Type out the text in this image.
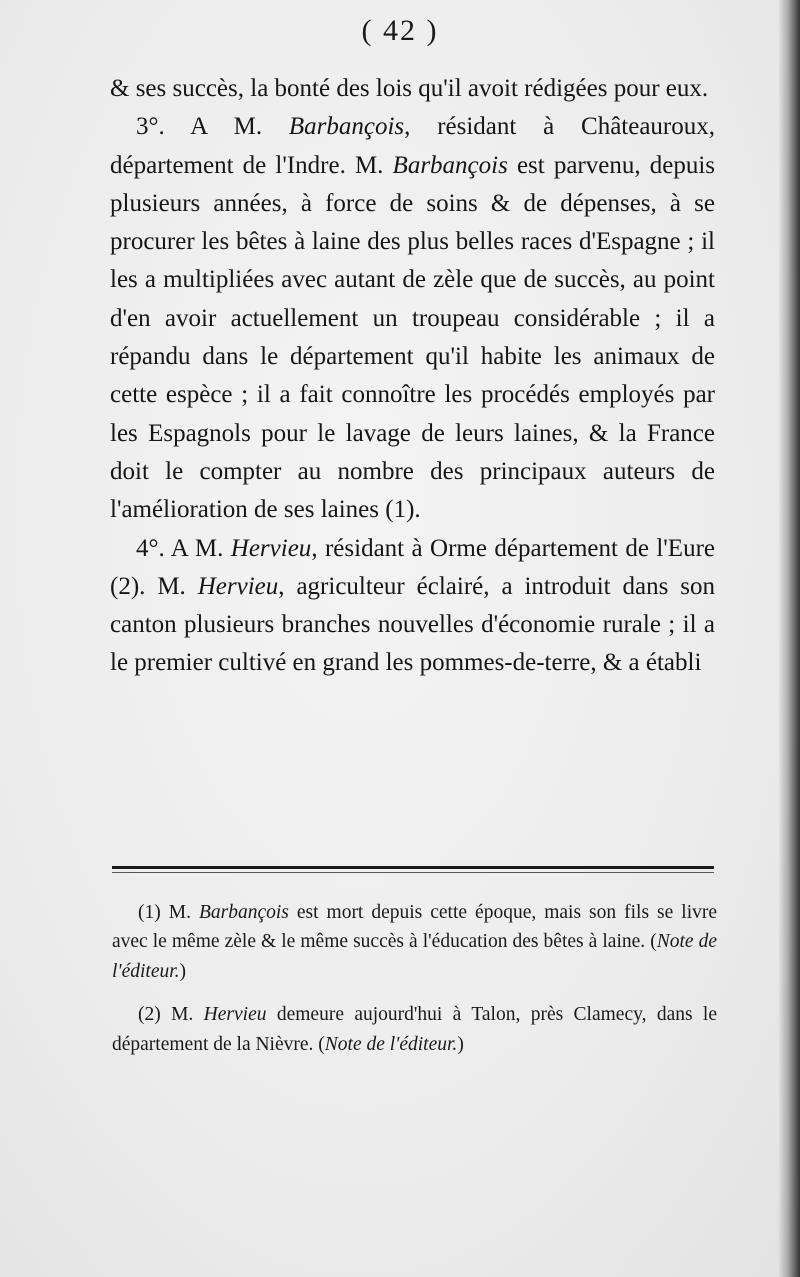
( 42 )

& ses succès, la bonté des lois qu'il avoit rédigées pour eux.

3°. A M. Barbançois, résidant à Châteauroux, département de l'Indre. M. Barbançois est parvenu, depuis plusieurs années, à force de soins & de dépenses, à se procurer les bêtes à laine des plus belles races d'Espagne ; il les a multipliées avec autant de zèle que de succès, au point d'en avoir actuellement un troupeau considérable ; il a répandu dans le département qu'il habite les animaux de cette espèce ; il a fait connoître les procédés employés par les Espagnols pour le lavage de leurs laines, & la France doit le compter au nombre des principaux auteurs de l'amélioration de ses laines (1).

4°. A M. Hervieu, résidant à Orme département de l'Eure (2). M. Hervieu, agriculteur éclairé, a introduit dans son canton plusieurs branches nouvelles d'économie rurale ; il a le premier cultivé en grand les pommes-de-terre, & a établi

(1) M. Barbançois est mort depuis cette époque, mais son fils se livre avec le même zèle & le même succès à l'éducation des bêtes à laine. (Note de l'éditeur.)

(2) M. Hervieu demeure aujourd'hui à Talon, près Clamecy, dans le département de la Nièvre. (Note de l'éditeur.)
